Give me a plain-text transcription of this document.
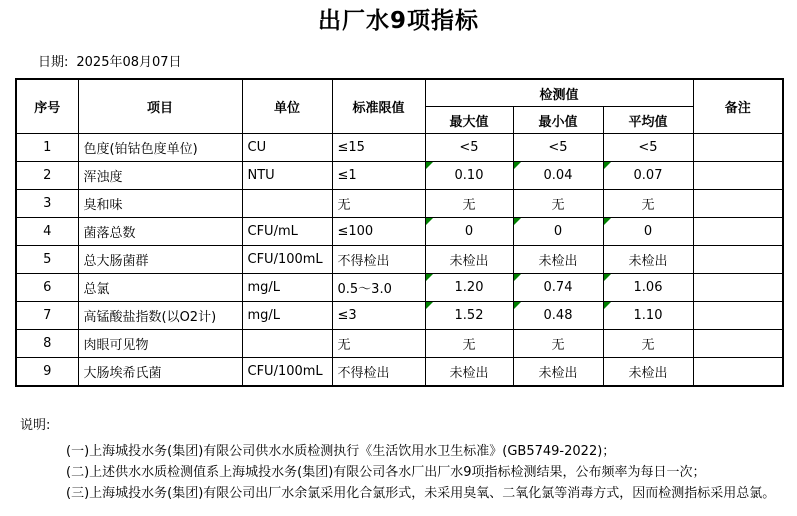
出厂水9项指标
日期: 2025年08月07日
序号	项目	单位	标准限值	检测值			备注
				最大值	最小值	平均值	
1	色度(铂钴色度单位)	CU	≤15	<5	<5	<5	
2	浑浊度	NTU	≤1	0.10	0.04	0.07

3	臭和味		无	无	无	无	
4	菌落总数	CFU/mL	≤100	0	0	0

5	总大肠菌群	CFU/100mL	不得检出	未检出	未检出	未检出	
6	总氯	mg/L	0.5～3.0	1.20	0.74	1.06

7	高锰酸盐指数(以O2计)	mg/L	≤3	1.52	0.48	1.10

8	肉眼可见物		无	无	无	无	
9	大肠埃希氏菌	CFU/100mL	不得检出	未检出	未检出	未检出	
说明:
(一)上海城投水务(集团)有限公司供水水质检测执行《生活饮用水卫生标准》(GB5749-2022)；
(二)上述供水水质检测值系上海城投水务(集团)有限公司各水厂出厂水9项指标检测结果，公布频率为每日一次；
(三)上海城投水务(集团)有限公司出厂水余氯采用化合氯形式，未采用臭氧、二氧化氯等消毒方式，因而检测指标采用总氯。
